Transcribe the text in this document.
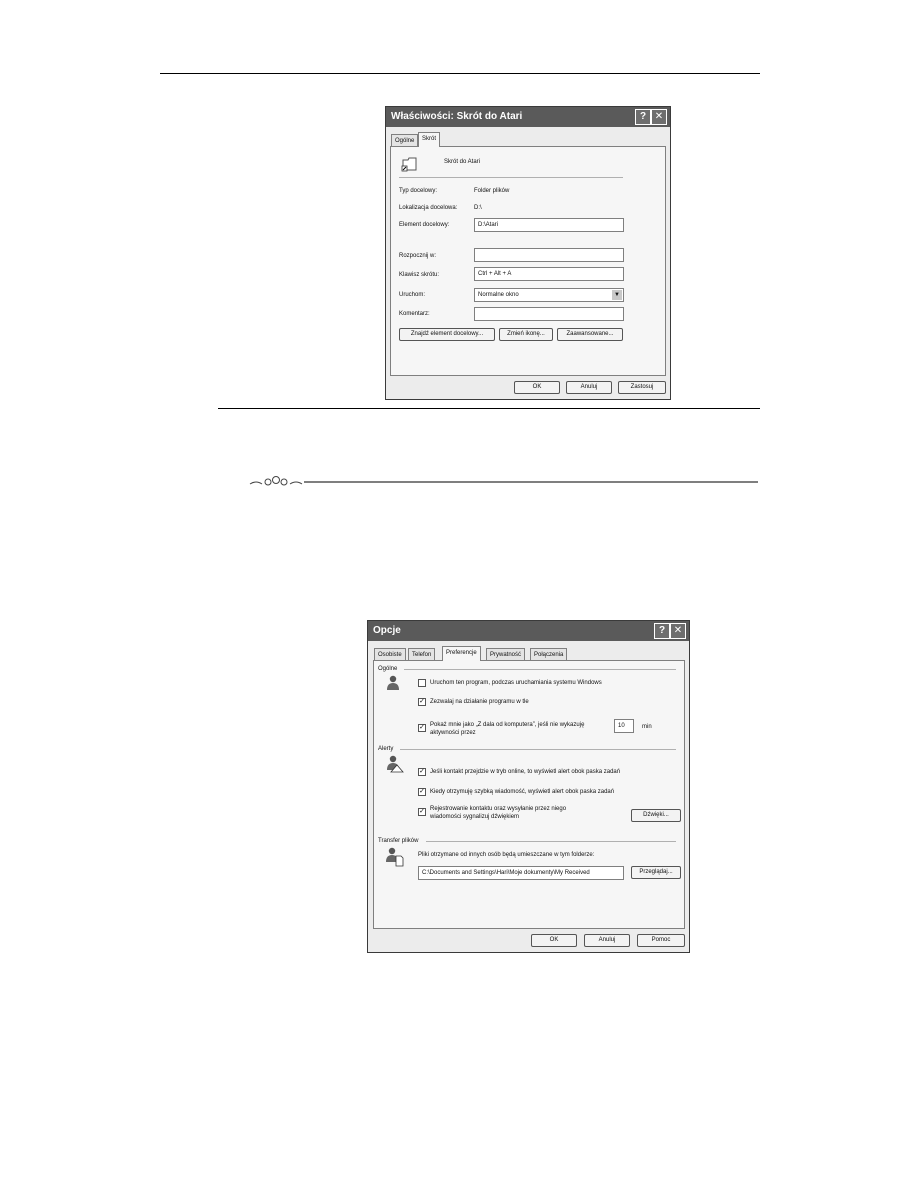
Właściwości: Skrót do Atari	? ✕
Ogólne	Skrót
Skrót do Atari
Typ docelowy:	Folder plików
Lokalizacja docelowa:	D:\
Element docelowy:	D:\Atari
Rozpocznij w:
Klawisz skrótu:	Ctrl + Alt + A
Uruchom:	Normalne okno	▼
Komentarz:
Znajdź element docelowy...	Zmień ikonę...	Zaawansowane...
OK	Anuluj	Zastosuj
Opcje	? ✕
Osobiste	Telefon	Preferencje	Prywatność	Połączenia
Ogólne
Uruchom ten program, podczas uruchamiania systemu Windows
✓ Zezwalaj na działanie programu w tle
✓ Pokaż mnie jako „Z dala od komputera”, jeśli nie wykazuję
aktywności przez
10	min
Alerty
✓ Jeśli kontakt przejdzie w tryb online, to wyświetl alert obok paska zadań
✓ Kiedy otrzymuję szybką wiadomość, wyświetl alert obok paska zadań
✓ Rejestrowanie kontaktu oraz wysyłanie przez niego
wiadomości sygnalizuj dźwiękiem	Dźwięki...
Transfer plików
Pliki otrzymane od innych osób będą umieszczane w tym folderze:
C:\Documents and Settings\Hari\Moje dokumenty\My Received	Przeglądaj...
OK	Anuluj	Pomoc
